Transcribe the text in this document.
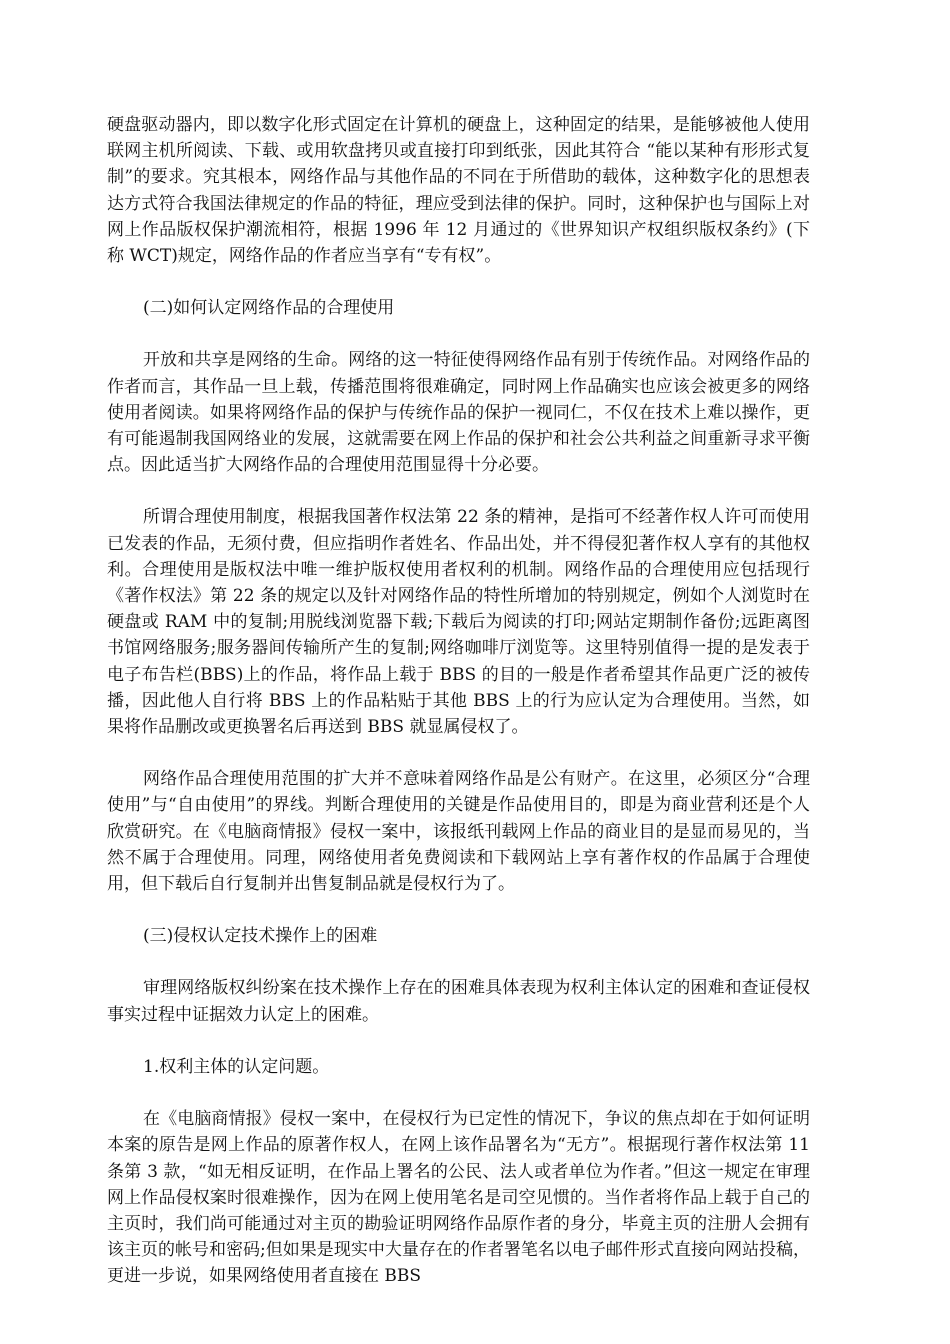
硬盘驱动器内，即以数字化形式固定在计算机的硬盘上，这种固定的结果，是能够被他人使用联网主机所阅读、下载、或用软盘拷贝或直接打印到纸张，因此其符合 “能以某种有形形式复制”的要求。究其根本，网络作品与其他作品的不同在于所借助的载体，这种数字化的思想表达方式符合我国法律规定的作品的特征，理应受到法律的保护。同时，这种保护也与国际上对网上作品版权保护潮流相符，根据 1996 年 12 月通过的《世界知识产权组织版权条约》(下称 WCT)规定，网络作品的作者应当享有“专有权”。

(二)如何认定网络作品的合理使用

开放和共享是网络的生命。网络的这一特征使得网络作品有别于传统作品。对网络作品的作者而言，其作品一旦上载，传播范围将很难确定，同时网上作品确实也应该会被更多的网络使用者阅读。如果将网络作品的保护与传统作品的保护一视同仁，不仅在技术上难以操作，更有可能遏制我国网络业的发展，这就需要在网上作品的保护和社会公共利益之间重新寻求平衡点。因此适当扩大网络作品的合理使用范围显得十分必要。

所谓合理使用制度，根据我国著作权法第 22 条的精神，是指可不经著作权人许可而使用已发表的作品，无须付费，但应指明作者姓名、作品出处，并不得侵犯著作权人享有的其他权利。合理使用是版权法中唯一维护版权使用者权利的机制。网络作品的合理使用应包括现行《著作权法》第 22 条的规定以及针对网络作品的特性所增加的特别规定，例如个人浏览时在硬盘或 RAM 中的复制;用脱线浏览器下载;下载后为阅读的打印;网站定期制作备份;远距离图书馆网络服务;服务器间传输所产生的复制;网络咖啡厅浏览等。这里特别值得一提的是发表于电子布告栏(BBS)上的作品，将作品上载于 BBS 的目的一般是作者希望其作品更广泛的被传播，因此他人自行将 BBS 上的作品粘贴于其他 BBS 上的行为应认定为合理使用。当然，如果将作品删改或更换署名后再送到 BBS 就显属侵权了。

网络作品合理使用范围的扩大并不意味着网络作品是公有财产。在这里，必须区分“合理使用”与“自由使用”的界线。判断合理使用的关键是作品使用目的，即是为商业营利还是个人欣赏研究。在《电脑商情报》侵权一案中，该报纸刊载网上作品的商业目的是显而易见的，当然不属于合理使用。同理，网络使用者免费阅读和下载网站上享有著作权的作品属于合理使用，但下载后自行复制并出售复制品就是侵权行为了。

(三)侵权认定技术操作上的困难

审理网络版权纠纷案在技术操作上存在的困难具体表现为权利主体认定的困难和查证侵权事实过程中证据效力认定上的困难。

1.权利主体的认定问题。

在《电脑商情报》侵权一案中，在侵权行为已定性的情况下，争议的焦点却在于如何证明本案的原告是网上作品的原著作权人，在网上该作品署名为“无方”。根据现行著作权法第 11 条第 3 款，“如无相反证明，在作品上署名的公民、法人或者单位为作者。”但这一规定在审理网上作品侵权案时很难操作，因为在网上使用笔名是司空见惯的。当作者将作品上载于自己的主页时，我们尚可能通过对主页的勘验证明网络作品原作者的身分，毕竟主页的注册人会拥有该主页的帐号和密码;但如果是现实中大量存在的作者署笔名以电子邮件形式直接向网站投稿，更进一步说，如果网络使用者直接在 BBS
